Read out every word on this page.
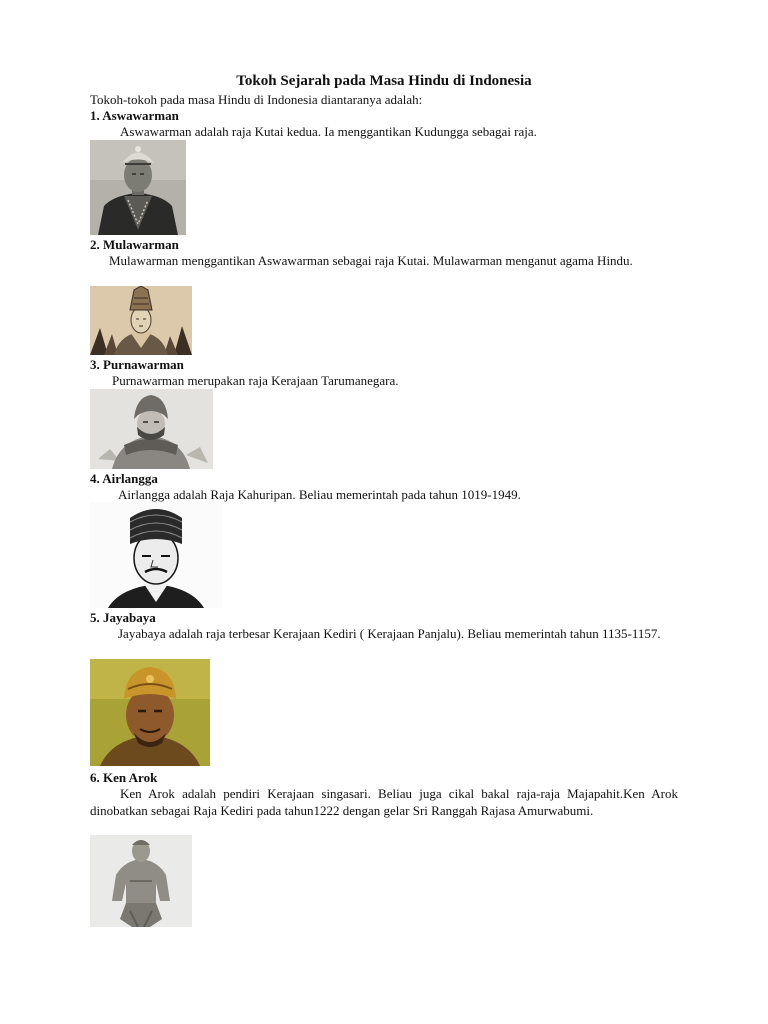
Tokoh Sejarah pada Masa Hindu di Indonesia
Tokoh-tokoh pada masa Hindu di Indonesia diantaranya adalah:
1. Aswawarman

Aswawarman adalah raja Kutai kedua. Ia menggantikan Kudungga sebagai raja.

2. Mulawarman

Mulawarman menggantikan Aswawarman sebagai raja Kutai. Mulawarman menganut agama Hindu.

3. Purnawarman

Purnawarman merupakan raja Kerajaan Tarumanegara.

4. Airlangga

Airlangga adalah Raja Kahuripan. Beliau memerintah pada tahun 1019-1949.

5. Jayabaya

Jayabaya adalah raja terbesar Kerajaan Kediri ( Kerajaan Panjalu). Beliau memerintah tahun 1135-1157.

6. Ken Arok

Ken Arok adalah pendiri Kerajaan singasari. Beliau juga cikal bakal raja-raja Majapahit.Ken Arok dinobatkan sebagai Raja Kediri pada tahun1222 dengan gelar Sri Ranggah Rajasa Amurwabumi.
